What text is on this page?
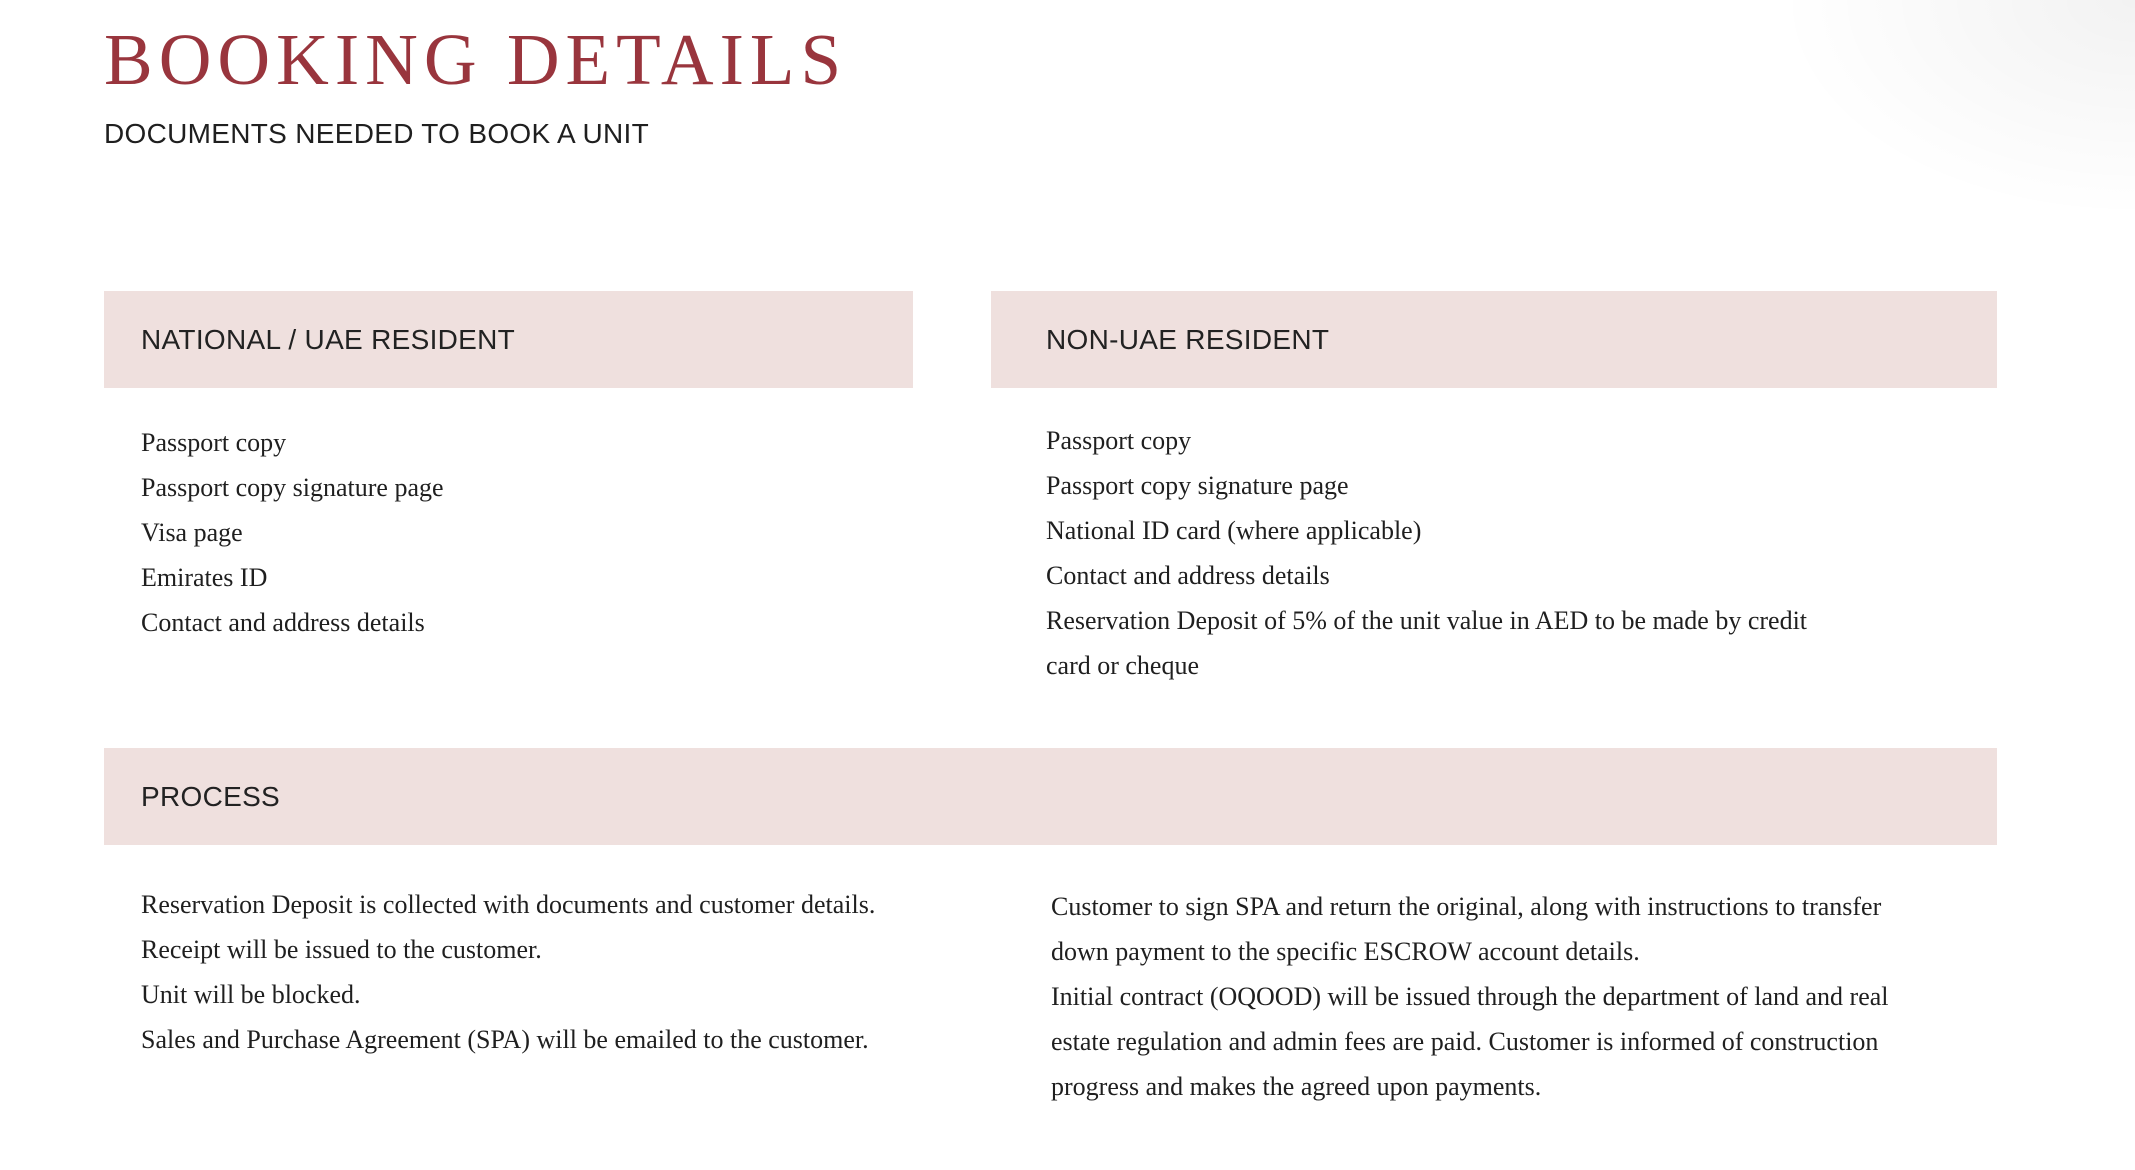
BOOKING DETAILS
DOCUMENTS NEEDED TO BOOK A UNIT
NATIONAL / UAE RESIDENT
Passport copy
Passport copy signature page
Visa page
Emirates ID
Contact and address details
NON-UAE RESIDENT
Passport copy
Passport copy signature page
National ID card (where applicable)
Contact and address details
Reservation Deposit of 5% of the unit value in AED to be made by credit card or cheque
PROCESS
Reservation Deposit is collected with documents and customer details.
Receipt will be issued to the customer.
Unit will be blocked.
Sales and Purchase Agreement (SPA) will be emailed to the customer.
Customer to sign SPA and return the original, along with instructions to transfer down payment to the specific ESCROW account details.
Initial contract (OQOOD) will be issued through the department of land and real estate regulation and admin fees are paid. Customer is informed of construction progress and makes the agreed upon payments.
